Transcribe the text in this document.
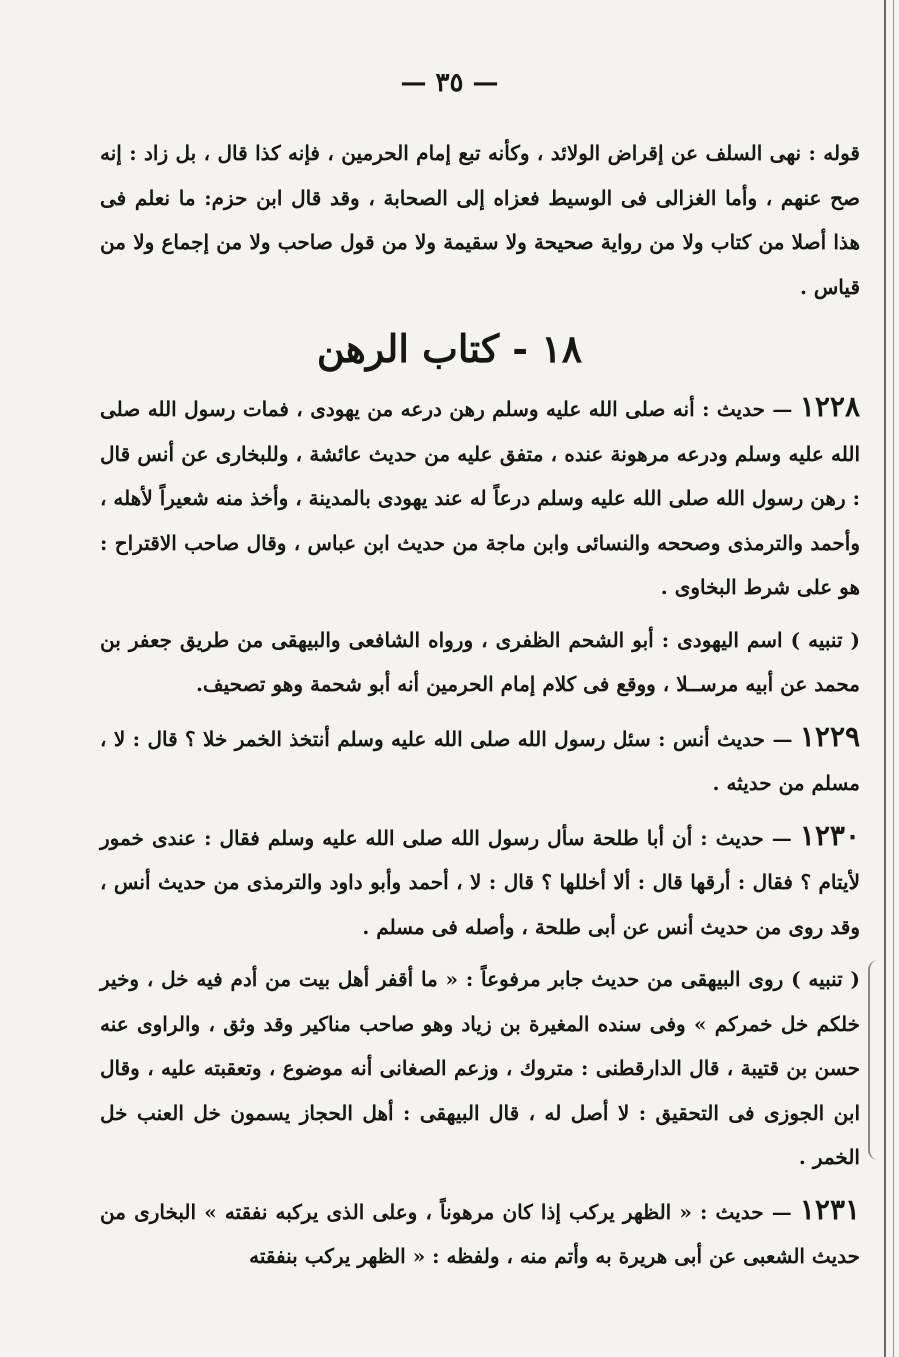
— ٣٥ —
قوله : نهى السلف عن إقراض الولائد ، وكأنه تبع إمام الحرمين ، فإنه كذا قال ، بل زاد : إنه صح عنهم ، وأما الغزالى فى الوسيط فعزاه إلى الصحابة ، وقد قال ابن حزم: ما نعلم فى هذا أصلا من كتاب ولا من رواية صحيحة ولا سقيمة ولا من قول صاحب ولا من إجماع ولا من قياس .
١٨ - كتاب الرهن

١٢٢٨ — حديث : أنه صلى الله عليه وسلم رهن درعه من يهودى ، فمات رسول الله صلى الله عليه وسلم ودرعه مرهونة عنده ، متفق عليه من حديث عائشة ، وللبخارى عن أنس قال : رهن رسول الله صلى الله عليه وسلم درعاً له عند يهودى بالمدينة ، وأخذ منه شعيراً لأهله ، وأحمد والترمذى وصححه والنسائى وابن ماجة من حديث ابن عباس ، وقال صاحب الاقتراح : هو على شرط البخاوى .

( تنبيه ) اسم اليهودى : أبو الشحم الظفرى ، ورواه الشافعى والبيهقى من طريق جعفر بن محمد عن أبيه مرســلا ، ووقع فى كلام إمام الحرمين أنه أبو شحمة وهو تصحيف.

١٢٢٩ — حديث أنس : سئل رسول الله صلى الله عليه وسلم أنتخذ الخمر خلا ؟ قال : لا ، مسلم من حديثه .

١٢٣٠ — حديث : أن أبا طلحة سأل رسول الله صلى الله عليه وسلم فقال : عندى خمور لأيتام ؟ فقال : أرقها قال : ألا أخللها ؟ قال : لا ، أحمد وأبو داود والترمذى من حديث أنس ، وقد روى من حديث أنس عن أبى طلحة ، وأصله فى مسلم .

( تنبيه ) روى البيهقى من حديث جابر مرفوعاً : « ما أقفر أهل بيت من أدم فيه خل ، وخير خلكم خل خمركم » وفى سنده المغيرة بن زياد وهو صاحب مناكير وقد وثق ، والراوى عنه حسن بن قتيبة ، قال الدارقطنى : متروك ، وزعم الصغانى أنه موضوع ، وتعقبته عليه ، وقال ابن الجوزى فى التحقيق : لا أصل له ، قال البيهقى : أهل الحجاز يسمون خل العنب خل الخمر .

١٢٣١ — حديث : « الظهر يركب إذا كان مرهوناً ، وعلى الذى يركبه نفقته » البخارى من حديث الشعبى عن أبى هريرة به وأتم منه ، ولفظه : « الظهر يركب بنفقته
